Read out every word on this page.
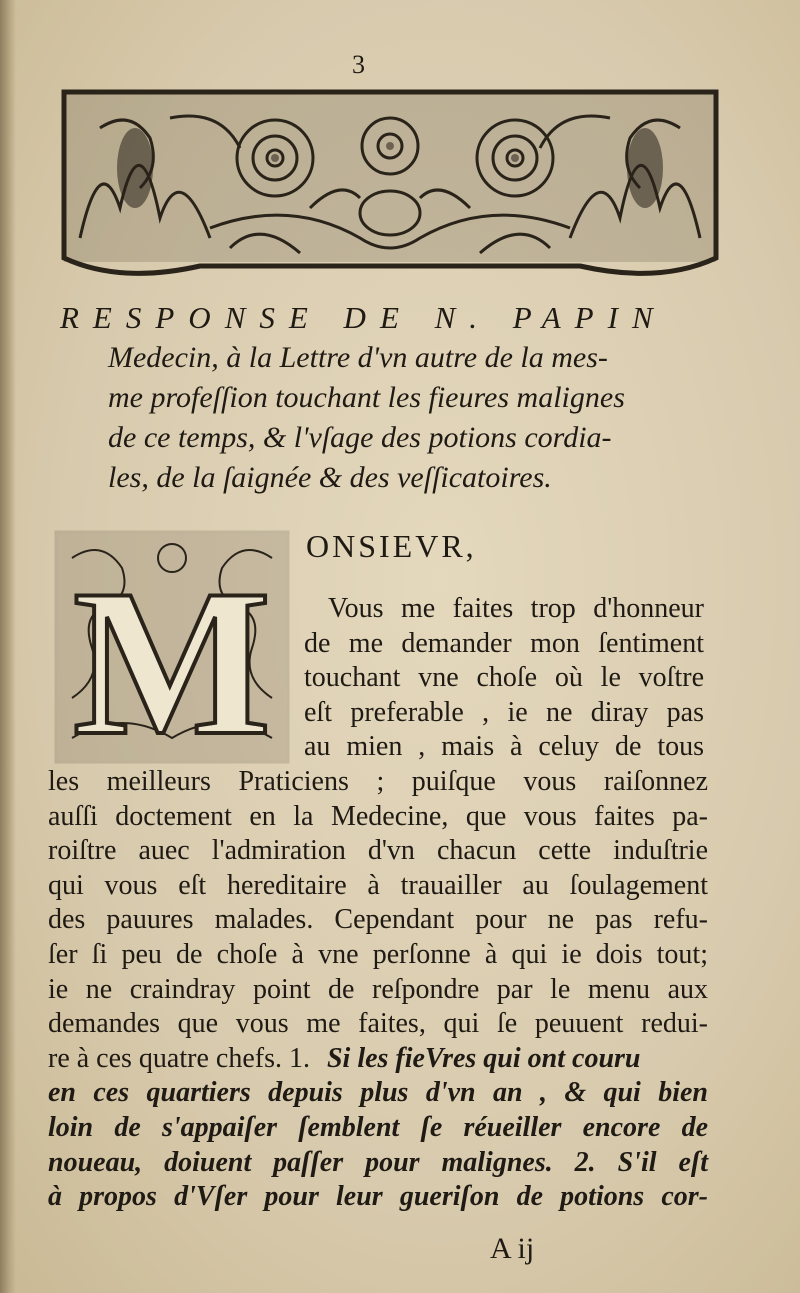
3
RESPONSE DE N. PAPIN
Medecin, à la Lettre d'vn autre de la mes-
me profeſſion touchant les fieures malignes
de ce temps, & l'vſage des potions cordia-
les, de la ſaignée & des veſſicatoires.
M
ONSIEVR,
Vous me faites trop d'honneur
de me demander mon ſentiment
touchant vne choſe où le voſtre
eſt preferable , ie ne diray pas
au mien , mais à celuy de tous
les meilleurs Praticiens ; puiſque vous raiſonnez
auſſi doctement en la Medecine, que vous faites pa-
roiſtre auec l'admiration d'vn chacun cette induſtrie
qui vous eſt hereditaire à trauailler au ſoulagement
des pauures malades. Cependant pour ne pas refu-
ſer ſi peu de choſe à vne perſonne à qui ie dois tout;
ie ne craindray point de reſpondre par le menu aux
demandes que vous me faites, qui ſe peuuent redui-
re à ces quatre chefs. 1. Si les fieVres qui ont couru
en ces quartiers depuis plus d'vn an , & qui bien
loin de s'appaiſer ſemblent ſe réueiller encore de
noueau, doiuent paſſer pour malignes. 2. S'il eſt
à propos d'Vſer pour leur gueriſon de potions cor-
A ij
